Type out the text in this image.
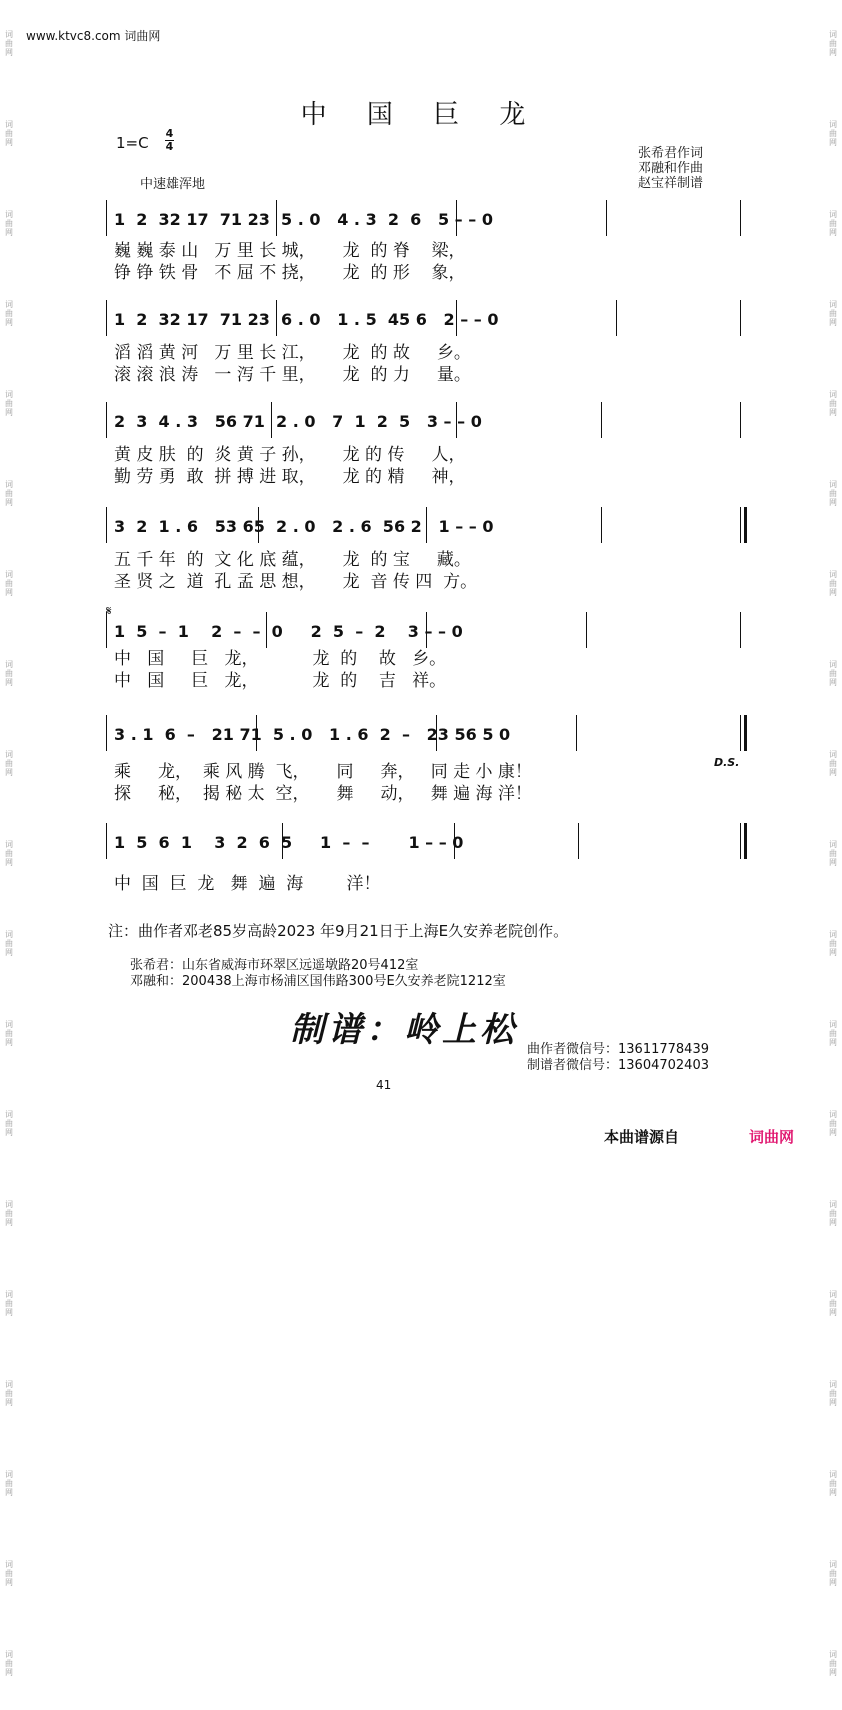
词
曲
网
词
曲
网
词
曲
网
词
曲
网
词
曲
网
词
曲
网
词
曲
网
词
曲
网
词
曲
网
词
曲
网
词
曲
网
词
曲
网
词
曲
网
词
曲
网
词
曲
网
词
曲
网
词
曲
网
词
曲
网
词
曲
网
词
曲
网
词
曲
网
词
曲
网
词
曲
网
词
曲
网
词
曲
网
词
曲
网
词
曲
网
词
曲
网
词
曲
网
词
曲
网
词
曲
网
词
曲
网
词
曲
网
词
曲
网
词
曲
网
词
曲
网
词
曲
网
词
曲
网
www.ktvc8.com 词曲网
中 国 巨 龙
1=C
4
4
中速雄浑地
张希君作词
邓融和作曲
赵宝祥制谱
𝄋
D.S.
1  2  32 17  71 23  5 . 0   4 . 3  2  6   5 – – 0
巍 巍 泰 山   万 里 长 城，     龙  的 脊    梁，
铮 铮 铁 骨   不 屈 不 挠，     龙  的 形    象，
1  2  32 17  71 23  6 . 0   1 . 5  45 6   2 – – 0
滔 滔 黄 河   万 里 长 江，     龙  的 故     乡。
滚 滚 浪 涛   一 泻 千 里，     龙  的 力     量。
2  3  4 . 3   56 71  2 . 0   7  1  2  5   3 – – 0
黄 皮 肤  的  炎 黄 子 孙，     龙 的 传     人，
勤 劳 勇  敢  拼 搏 进 取，     龙 的 精     神，
3  2  1 . 6   53 65  2 . 0   2 . 6  56 2   1 – – 0
五 千 年  的  文 化 底 蕴，     龙  的 宝     藏。
圣 贤 之  道  孔 孟 思 想，     龙  音 传 四  方。
1  5  –  1    2  –  –  0     2  5  –  2    3 – – 0
中   国     巨   龙，          龙  的    故   乡。
中   国     巨   龙，          龙  的    吉   祥。
3 . 1  6  –   21 71  5 . 0   1 . 6  2  –   23 56 5 0
乘     龙，  乘 风 腾  飞，     同     奔，   同 走 小 康！
探     秘，  揭 秘 太  空，     舞     动，   舞 遍 海 洋！
1  5  6  1    3  2  6  5     1  –  –       1 – – 0
中  国  巨  龙   舞  遍  海        洋！
注：曲作者邓老85岁高龄2023 年9月21日于上海E久安养老院创作。
张希君：山东省威海市环翠区远遥墩路20号412室
邓融和：200438上海市杨浦区国伟路300号E久安养老院1212室
制谱：岭上松 曲作者微信号：13611778439
制谱者微信号：13604702403
41
本曲谱源自	词曲网
